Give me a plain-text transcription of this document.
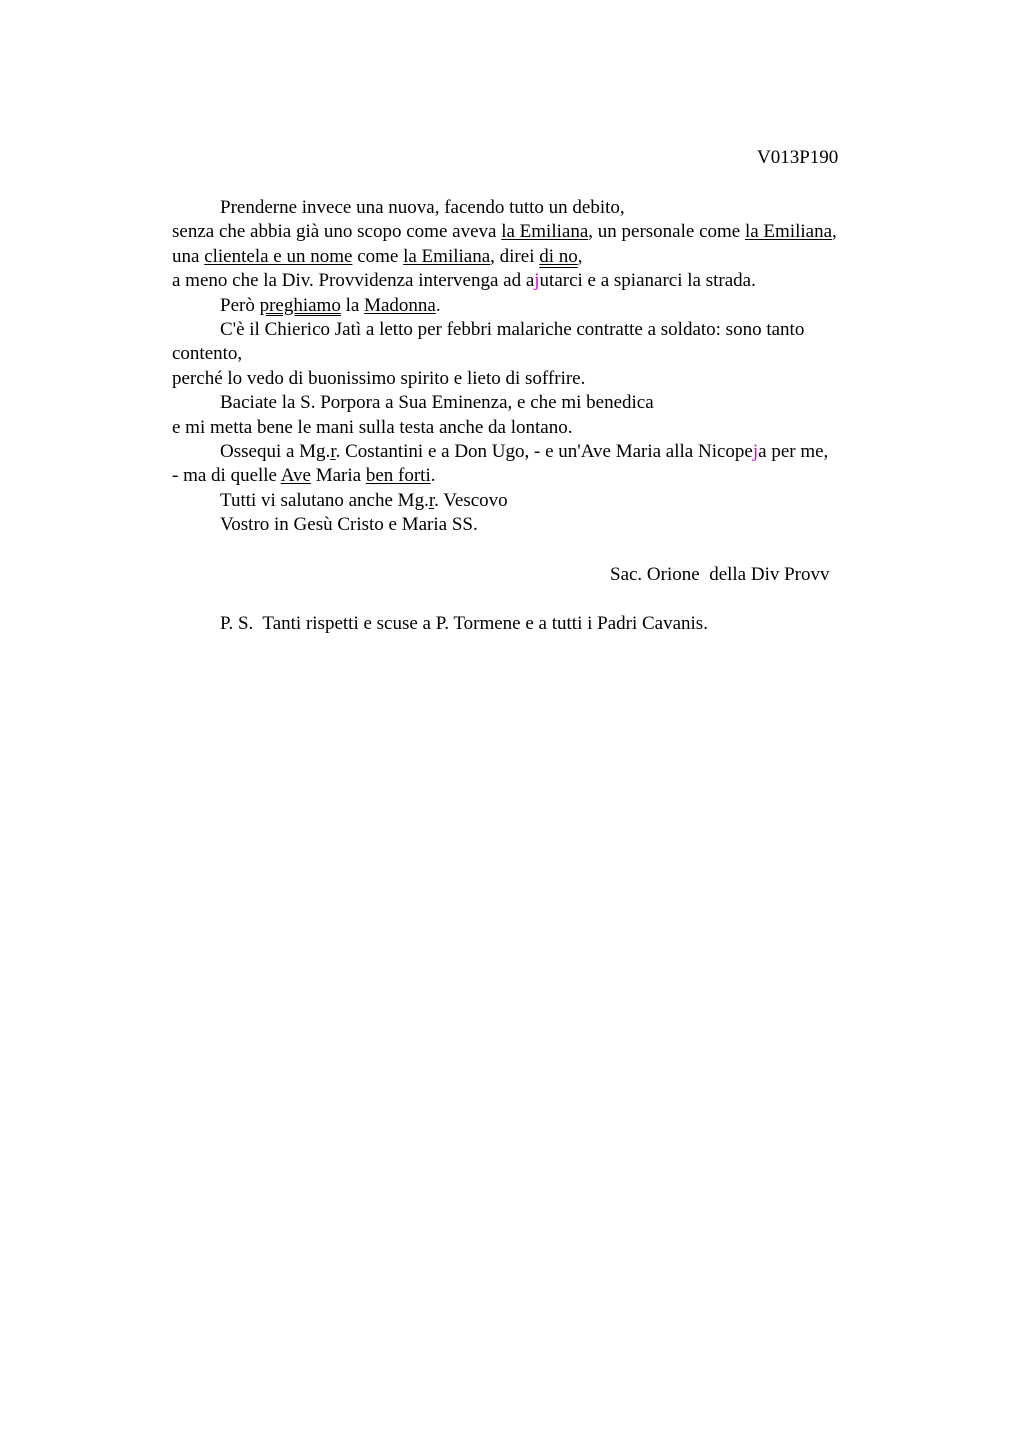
V013P190
Prenderne invece una nuova, facendo tutto un debito,
senza che abbia già uno scopo come aveva la Emiliana, un personale come la Emiliana,
una clientela e un nome come la Emiliana, direi di no,
a meno che la Div. Provvidenza intervenga ad ajutarci e a spianarci la strada.
Però preghiamo la Madonna.
C'è il Chierico Jatì a letto per febbri malariche contratte a soldato: sono tanto
contento,
perché lo vedo di buonissimo spirito e lieto di soffrire.
Baciate la S. Porpora a Sua Eminenza, e che mi benedica
e mi metta bene le mani sulla testa anche da lontano.
Ossequi a Mg.r. Costantini e a Don Ugo, - e un'Ave Maria alla Nicopeja per me,
- ma di quelle Ave Maria ben forti.
Tutti vi salutano anche Mg.r. Vescovo
Vostro in Gesù Cristo e Maria SS.
Sac. Orione  della Div Provv
P. S.  Tanti rispetti e scuse a P. Tormene e a tutti i Padri Cavanis.
